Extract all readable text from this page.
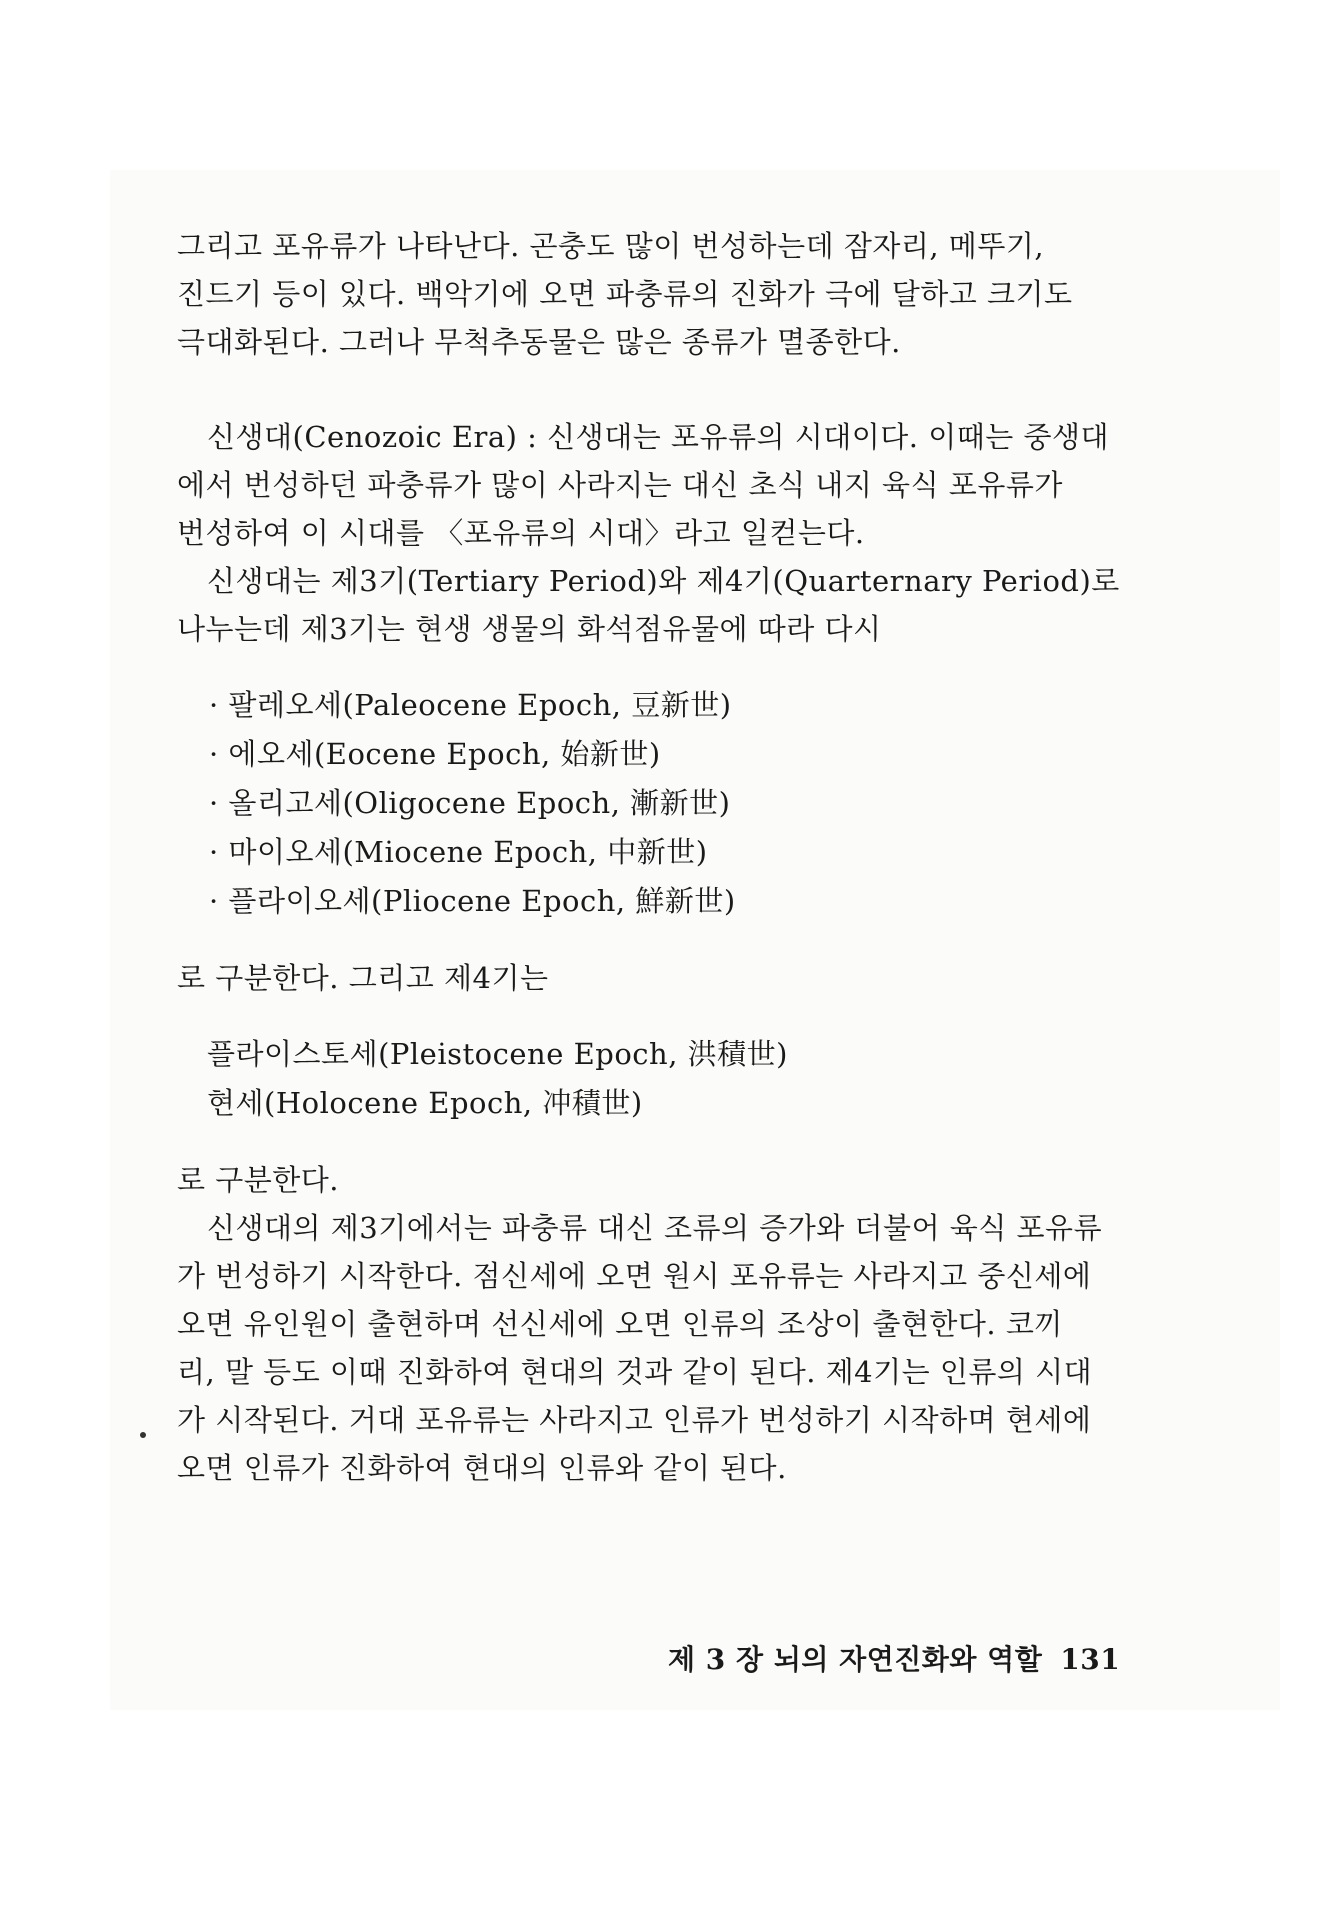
그리고 포유류가 나타난다. 곤충도 많이 번성하는데 잠자리, 메뚜기,
진드기 등이 있다. 백악기에 오면 파충류의 진화가 극에 달하고 크기도
극대화된다. 그러나 무척추동물은 많은 종류가 멸종한다.
신생대(Cenozoic Era) : 신생대는 포유류의 시대이다. 이때는 중생대
에서 번성하던 파충류가 많이 사라지는 대신 초식 내지 육식 포유류가
번성하여 이 시대를 〈포유류의 시대〉라고 일컫는다.
신생대는 제3기(Tertiary Period)와 제4기(Quarternary Period)로
나누는데 제3기는 현생 생물의 화석점유물에 따라 다시
· 팔레오세(Paleocene Epoch, 豆新世)
· 에오세(Eocene Epoch, 始新世)
· 올리고세(Oligocene Epoch, 漸新世)
· 마이오세(Miocene Epoch, 中新世)
· 플라이오세(Pliocene Epoch, 鮮新世)
로 구분한다. 그리고 제4기는
플라이스토세(Pleistocene Epoch, 洪積世)
현세(Holocene Epoch, 冲積世)
로 구분한다.
신생대의 제3기에서는 파충류 대신 조류의 증가와 더불어 육식 포유류
가 번성하기 시작한다. 점신세에 오면 원시 포유류는 사라지고 중신세에
오면 유인원이 출현하며 선신세에 오면 인류의 조상이 출현한다. 코끼
리, 말 등도 이때 진화하여 현대의 것과 같이 된다. 제4기는 인류의 시대
가 시작된다. 거대 포유류는 사라지고 인류가 번성하기 시작하며 현세에
오면 인류가 진화하여 현대의 인류와 같이 된다.
제 3 장 뇌의 자연진화와 역할 131
